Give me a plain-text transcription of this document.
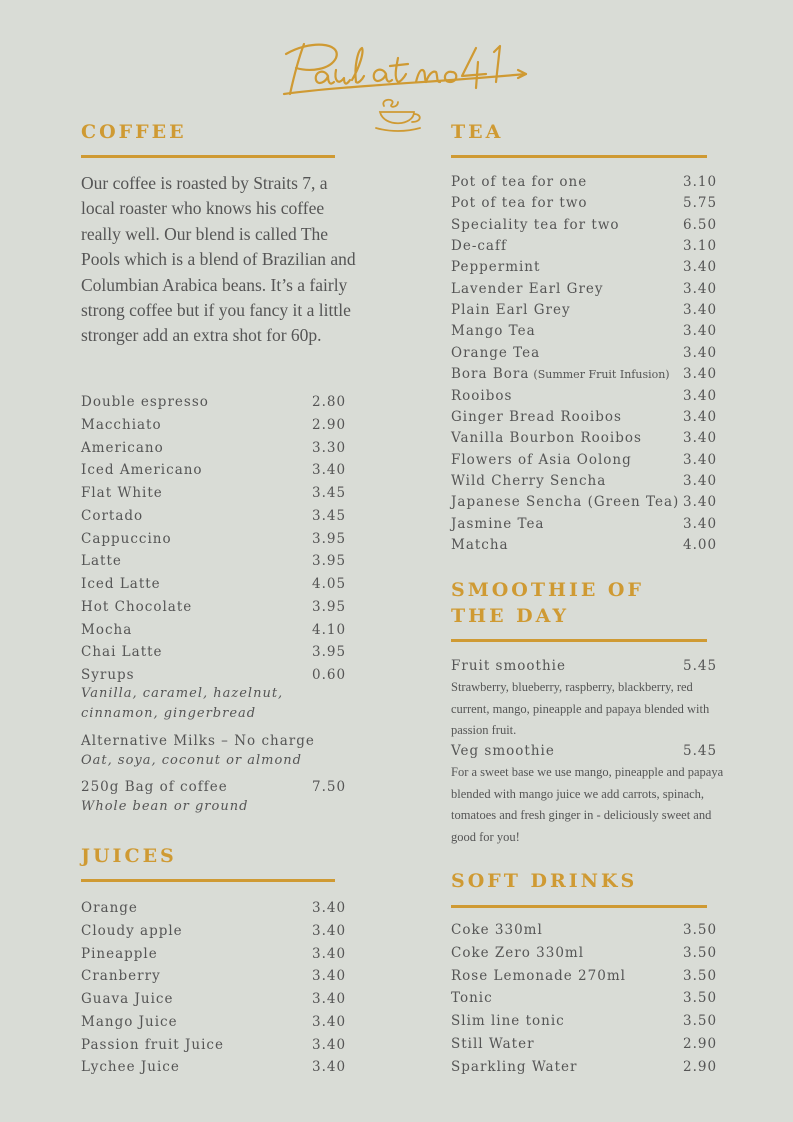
COFFEE
Our coffee is roasted by Straits 7, a local roaster who knows his coffee really well. Our blend is called The Pools which is a blend of Brazilian and Columbian Arabica beans. It’s a fairly strong coffee but if you fancy it a little stronger add an extra shot for 60p.
Double espresso	2.80
Macchiato	2.90
Americano	3.30
Iced Americano	3.40
Flat White	3.45
Cortado	3.45
Cappuccino	3.95
Latte	3.95
Iced Latte	4.05
Hot Chocolate	3.95
Mocha	4.10
Chai Latte	3.95
Syrups	0.60
Vanilla, caramel, hazelnut,
cinnamon, gingerbread
Alternative Milks – No charge
Oat, soya, coconut or almond
250g Bag of coffee	7.50
Whole bean or ground
JUICES
Orange	3.40
Cloudy apple	3.40
Pineapple	3.40
Cranberry	3.40
Guava Juice	3.40
Mango Juice	3.40
Passion fruit Juice	3.40
Lychee Juice	3.40
TEA
Pot of tea for one	3.10
Pot of tea for two	5.75
Speciality tea for two	6.50
De-caff	3.10
Peppermint	3.40
Lavender Earl Grey	3.40
Plain Earl Grey	3.40
Mango Tea	3.40
Orange Tea	3.40
Bora Bora (Summer Fruit Infusion) 3.40
Rooibos	3.40
Ginger Bread Rooibos	3.40
Vanilla Bourbon Rooibos	3.40
Flowers of Asia Oolong	3.40
Wild Cherry Sencha	3.40
Japanese Sencha (Green Tea) 3.40
Jasmine Tea	3.40
Matcha	4.00
SMOOTHIE OF
THE DAY
Fruit smoothie	5.45
Strawberry, blueberry, raspberry, blackberry, red current, mango, pineapple and papaya blended with passion fruit.
Veg smoothie	5.45
For a sweet base we use mango, pineapple and papaya blended with mango juice we add carrots, spinach, tomatoes and fresh ginger in - deliciously sweet and good for you!
SOFT DRINKS
Coke 330ml	3.50
Coke Zero 330ml	3.50
Rose Lemonade 270ml	3.50
Tonic	3.50
Slim line tonic	3.50
Still Water	2.90
Sparkling Water	2.90
